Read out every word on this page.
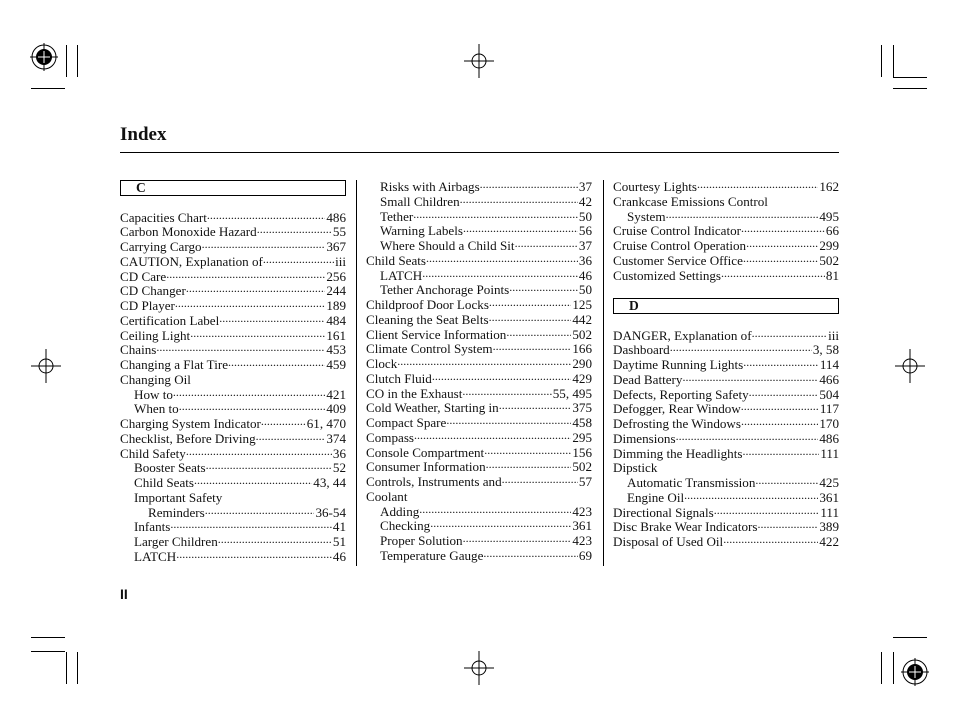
Index
C
Capacities Chart .....	486
Carbon Monoxide Hazard .....	55
Carrying Cargo .....	367
CAUTION, Explanation of .....	iii
CD Care .....	256
CD Changer .....	244
CD Player .....	189
Certification Label .....	484
Ceiling Light .....	161
Chains .....	453
Changing a Flat Tire .....	459
Changing Oil
How to .....	421
When to .....	409
Charging System Indicator .....	61, 470
Checklist, Before Driving .....	374
Child Safety .....	36
Booster Seats .....	52
Child Seats .....	43, 44
Important Safety
Reminders .....	36-54
Infants .....	41
Larger Children .....	51
LATCH .....	46
Risks with Airbags .....	37
Small Children .....	42
Tether .....	50
Warning Labels .....	56
Where Should a Child Sit .....	37
Child Seats .....	36
LATCH .....	46
Tether Anchorage Points .....	50
Childproof Door Locks .....	125
Cleaning the Seat Belts .....	442
Client Service Information .....	502
Climate Control System .....	166
Clock .....	290
Clutch Fluid .....	429
CO in the Exhaust .....	55, 495
Cold Weather, Starting in .....	375
Compact Spare .....	458
Compass .....	295
Console Compartment .....	156
Consumer Information .....	502
Controls, Instruments and .....	57
Coolant
Adding .....	423
Checking .....	361
Proper Solution .....	423
Temperature Gauge .....	69
Courtesy Lights .....	162
Crankcase Emissions Control
System .....	495
Cruise Control Indicator .....	66
Cruise Control Operation .....	299
Customer Service Office .....	502
Customized Settings .....	81
D
DANGER, Explanation of .....	iii
Dashboard .....	3, 58
Daytime Running Lights .....	114
Dead Battery .....	466
Defects, Reporting Safety .....	504
Defogger, Rear Window .....	117
Defrosting the Windows .....	170
Dimensions .....	486
Dimming the Headlights .....	111
Dipstick
Automatic Transmission .....	425
Engine Oil .....	361
Directional Signals .....	111
Disc Brake Wear Indicators .....	389
Disposal of Used Oil .....	422
II
